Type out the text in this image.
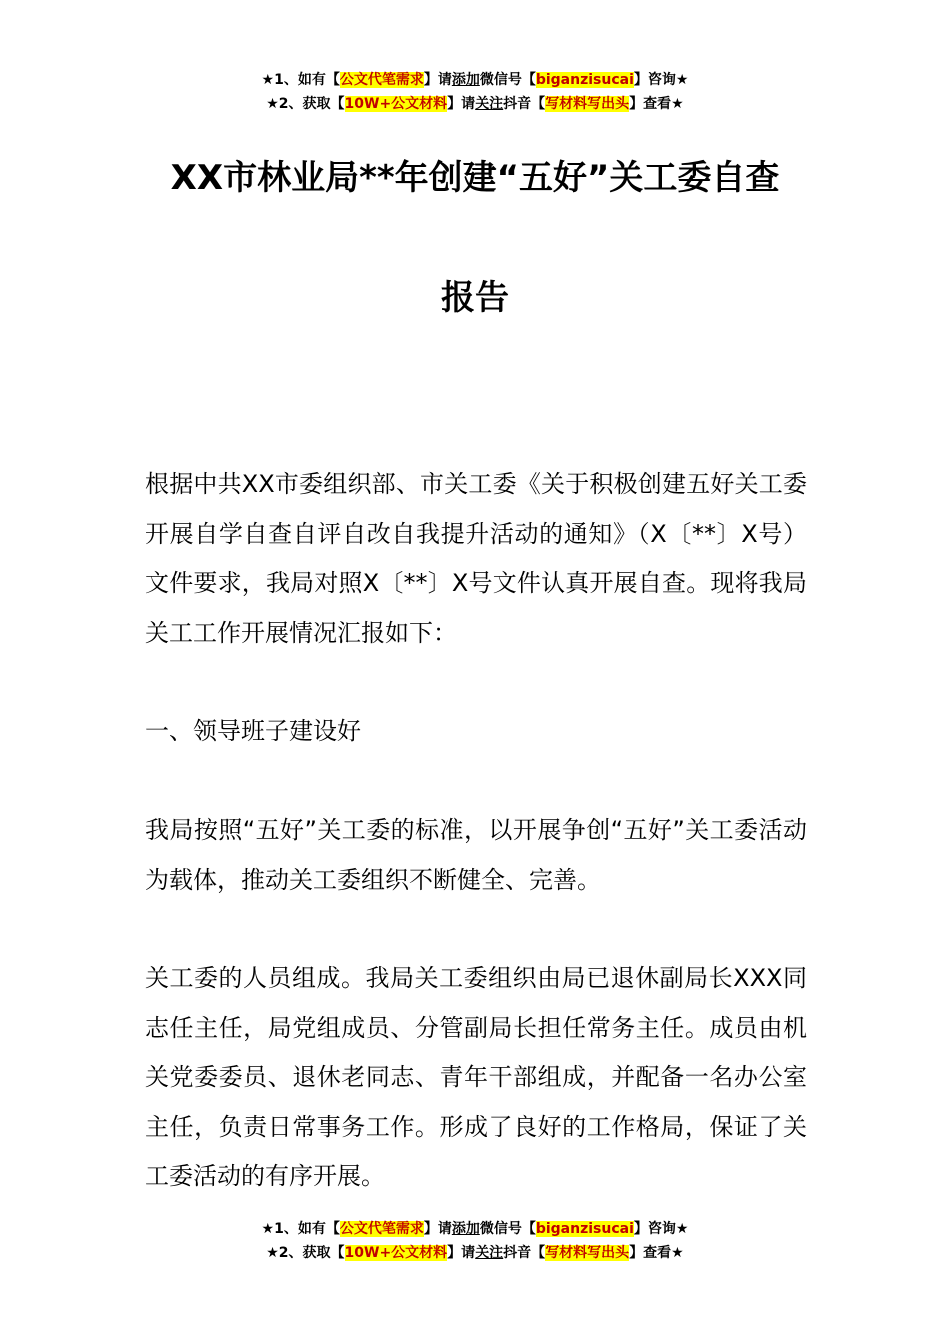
★1、如有【公文代笔需求】请添加微信号【biganzisucai】咨询★
★2、获取【10W+公文材料】请关注抖音【写材料写出头】查看★
XX市林业局**年创建“五好”关工委自查
报告
根据中共XX市委组织部、市关工委《关于积极创建五好关工委开展自学自查自评自改自我提升活动的通知》（X〔**〕X号）文件要求，我局对照X〔**〕X号文件认真开展自查。现将我局关工工作开展情况汇报如下：
一、领导班子建设好
我局按照“五好”关工委的标准，以开展争创“五好”关工委活动为载体，推动关工委组织不断健全、完善。
关工委的人员组成。我局关工委组织由局已退休副局长XXX同志任主任，局党组成员、分管副局长担任常务主任。成员由机关党委委员、退休老同志、青年干部组成，并配备一名办公室主任，负责日常事务工作。形成了良好的工作格局，保证了关工委活动的有序开展。
★1、如有【公文代笔需求】请添加微信号【biganzisucai】咨询★
★2、获取【10W+公文材料】请关注抖音【写材料写出头】查看★
